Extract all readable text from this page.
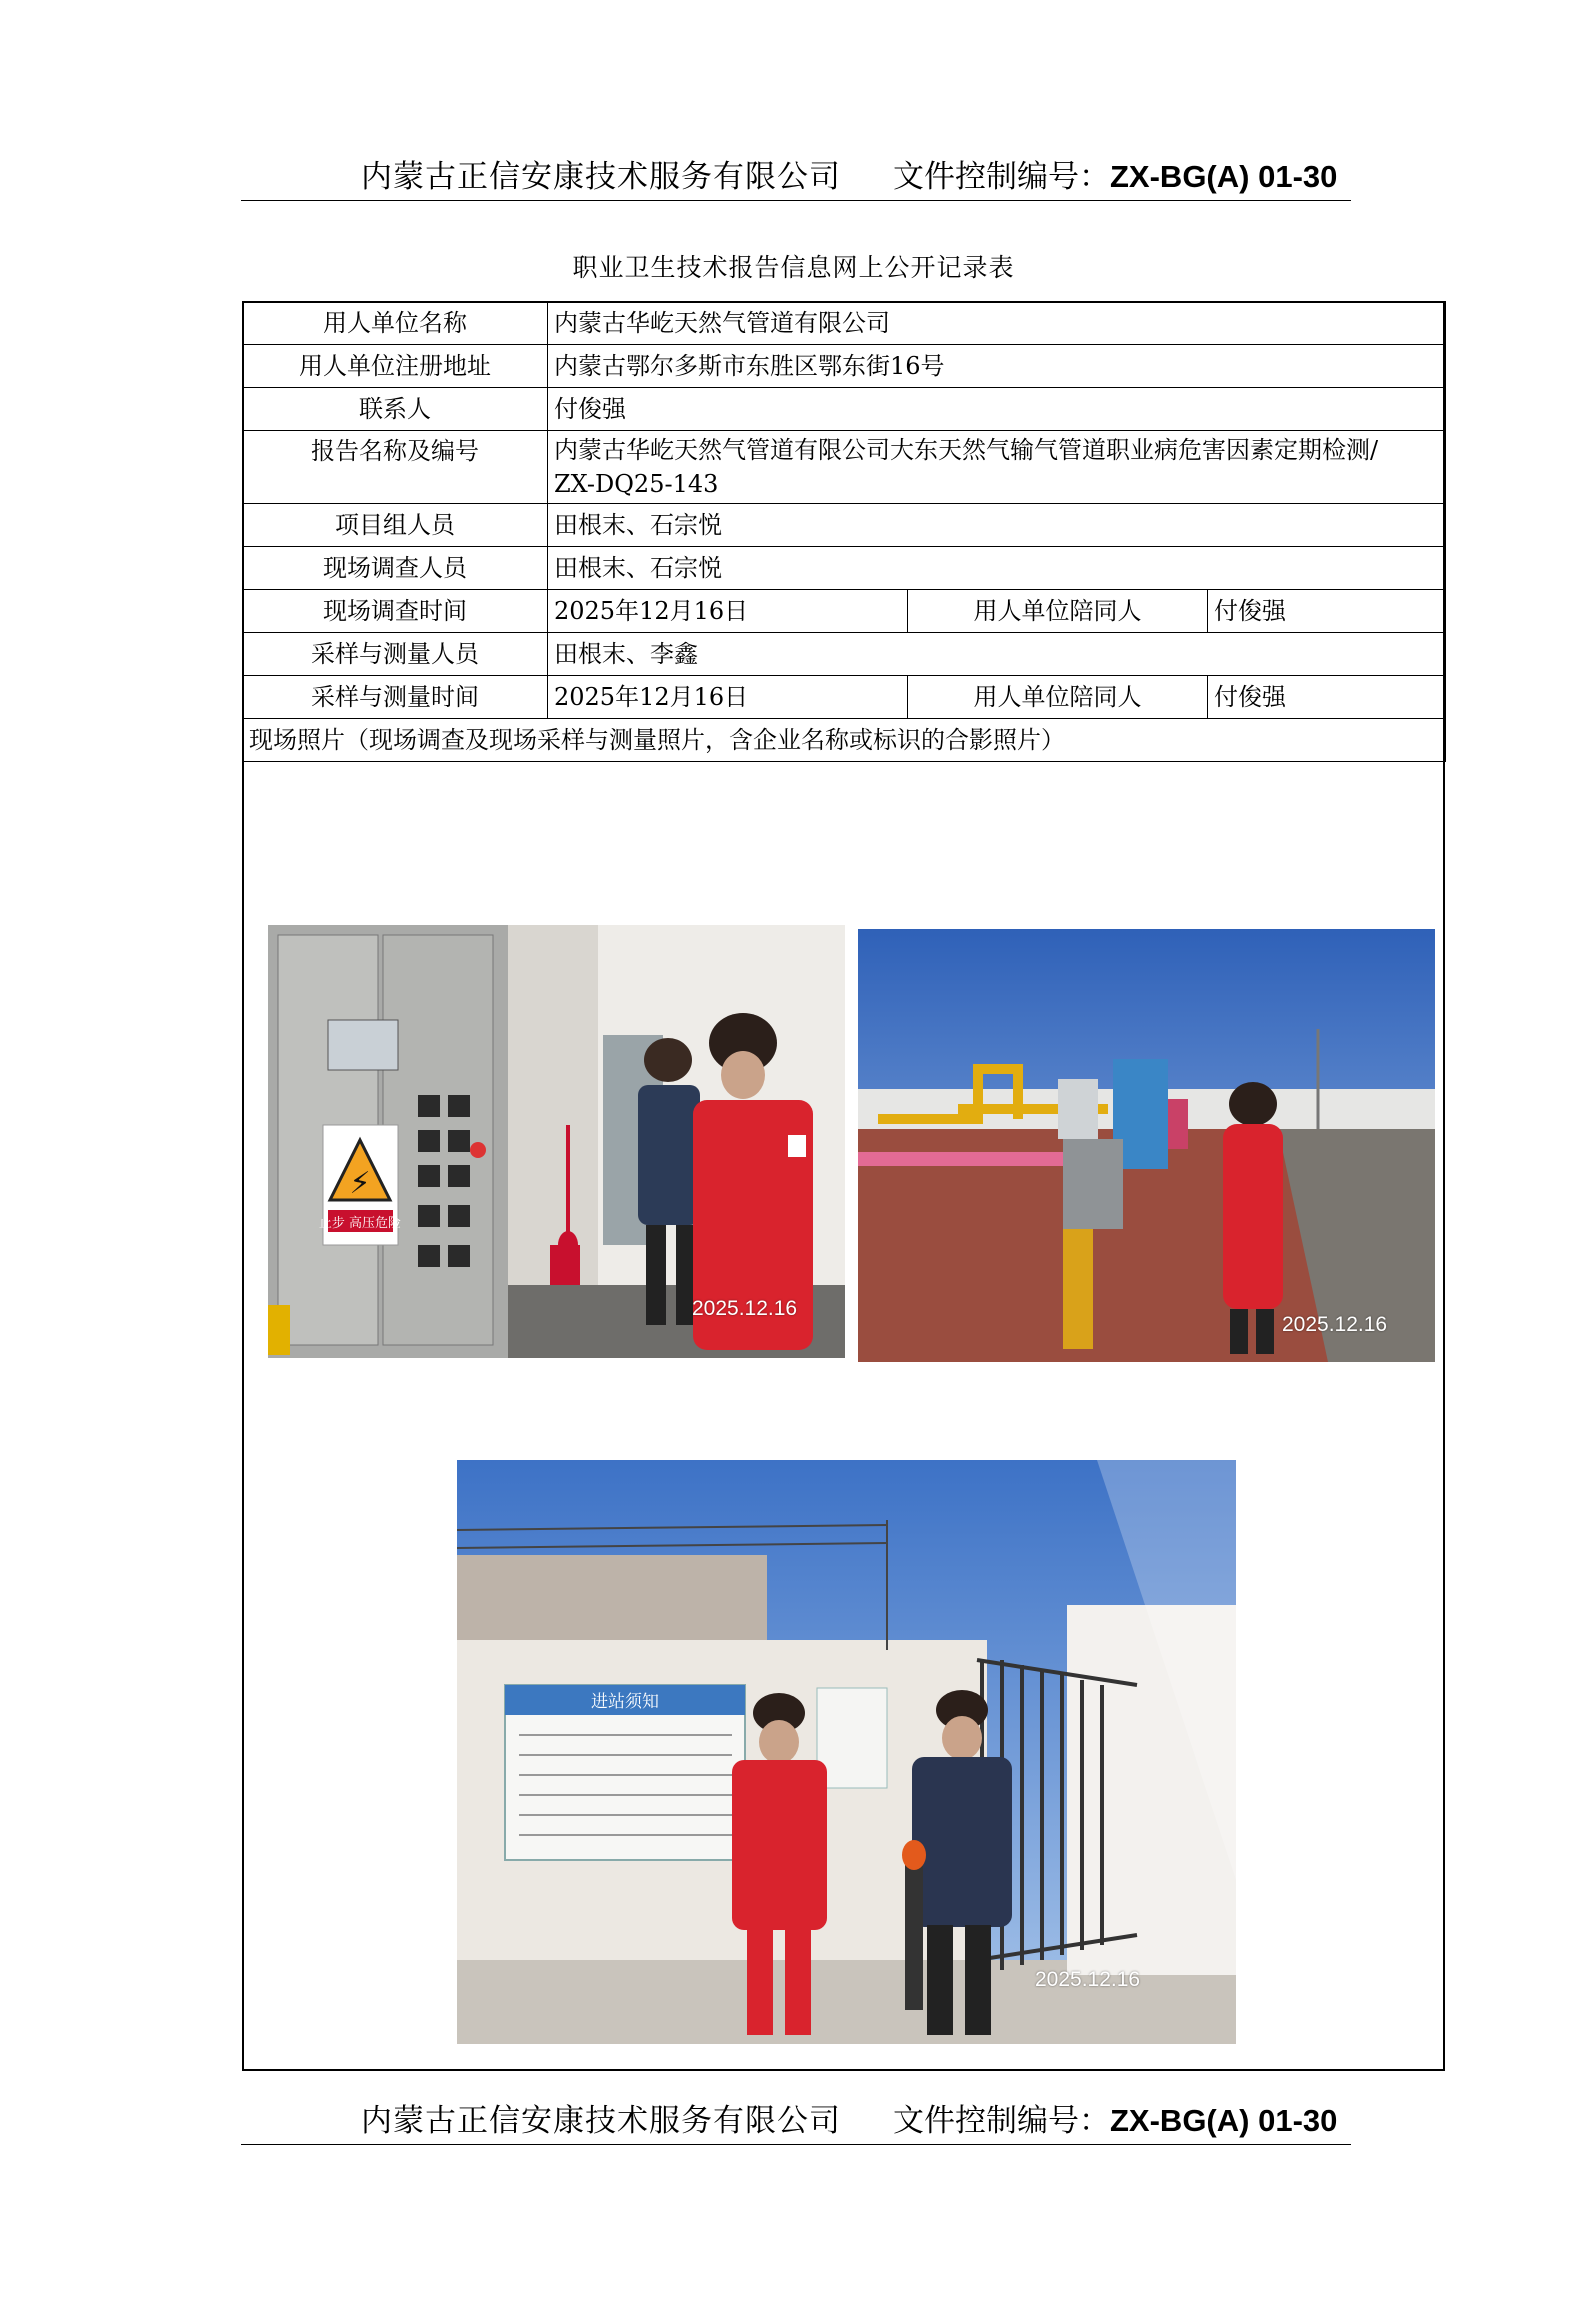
内蒙古正信安康技术服务有限公司 文件控制编号：ZX-BG(A) 01-30
职业卫生技术报告信息网上公开记录表
用人单位名称	内蒙古华屹天然气管道有限公司		
用人单位注册地址	内蒙古鄂尔多斯市东胜区鄂东街16号		
联系人	付俊强		
报告名称及编号	内蒙古华屹天然气管道有限公司大东天然气输气管道职业病危害因素定期检测/ ZX-DQ25-143		
项目组人员	田根末、石宗悦		
现场调查人员	田根末、石宗悦		
现场调查时间	2025年12月16日	用人单位陪同人	付俊强
采样与测量人员	田根末、李鑫		
采样与测量时间	2025年12月16日	用人单位陪同人	付俊强
现场照片（现场调查及现场采样与测量照片，含企业名称或标识的合影照片）			
⚡
止步 高压危险
2025.12.16
2025.12.16
进站须知
2025.12.16
内蒙古正信安康技术服务有限公司 文件控制编号：ZX-BG(A) 01-30
